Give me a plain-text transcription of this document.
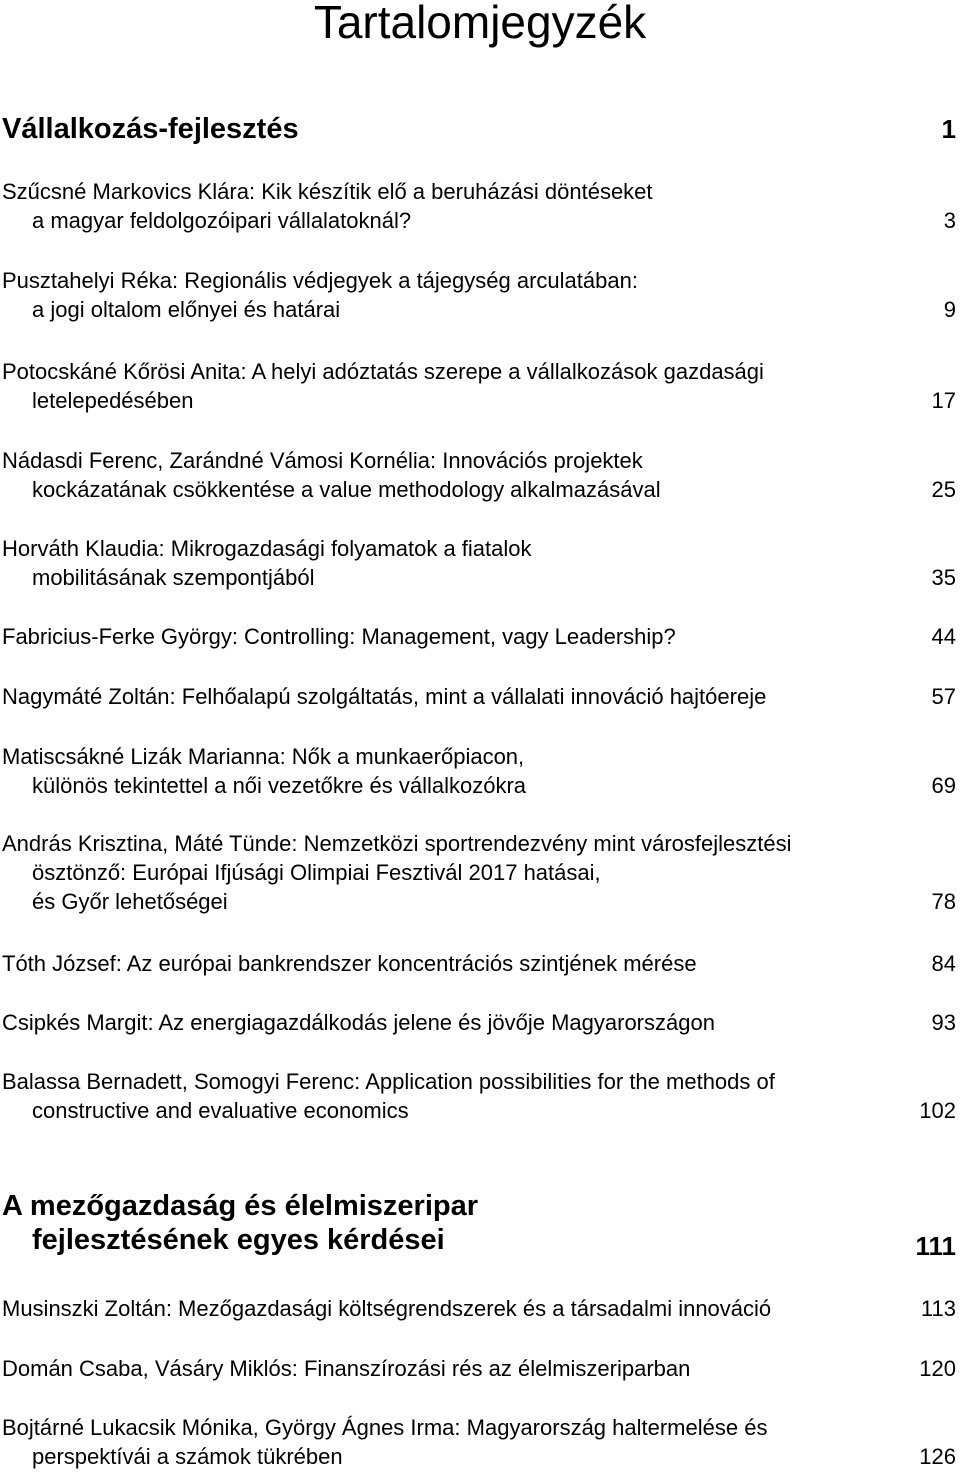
Tartalomjegyzék
Vállalkozás-fejlesztés	1
Szűcsné Markovics Klára: Kik készítik elő a beruházási döntéseket
a magyar feldolgozóipari vállalatoknál?	3
Pusztahelyi Réka: Regionális védjegyek a tájegység arculatában:
a jogi oltalom előnyei és határai	9
Potocskáné Kőrösi Anita: A helyi adóztatás szerepe a vállalkozások gazdasági
letelepedésében	17
Nádasdi Ferenc, Zarándné Vámosi Kornélia: Innovációs projektek
kockázatának csökkentése a value methodology alkalmazásával	25
Horváth Klaudia: Mikrogazdasági folyamatok a fiatalok
mobilitásának szempontjából	35
Fabricius-Ferke György: Controlling: Management, vagy Leadership?	44
Nagymáté Zoltán: Felhőalapú szolgáltatás, mint a vállalati innováció hajtóereje	57
Matiscsákné Lizák Marianna: Nők a munkaerőpiacon,
különös tekintettel a női vezetőkre és vállalkozókra	69
András Krisztina, Máté Tünde: Nemzetközi sportrendezvény mint városfejlesztési
ösztönző: Európai Ifjúsági Olimpiai Fesztivál 2017 hatásai,
és Győr lehetőségei	78
Tóth József: Az európai bankrendszer koncentrációs szintjének mérése	84
Csipkés Margit: Az energiagazdálkodás jelene és jövője Magyarországon	93
Balassa Bernadett, Somogyi Ferenc: Application possibilities for the methods of
constructive and evaluative economics	102
A mezőgazdaság és élelmiszeripar
fejlesztésének egyes kérdései	111
Musinszki Zoltán: Mezőgazdasági költségrendszerek és a társadalmi innováció	113
Domán Csaba, Vásáry Miklós: Finanszírozási rés az élelmiszeriparban	120
Bojtárné Lukacsik Mónika, György Ágnes Irma: Magyarország haltermelése és
perspektívái a számok tükrében	126
